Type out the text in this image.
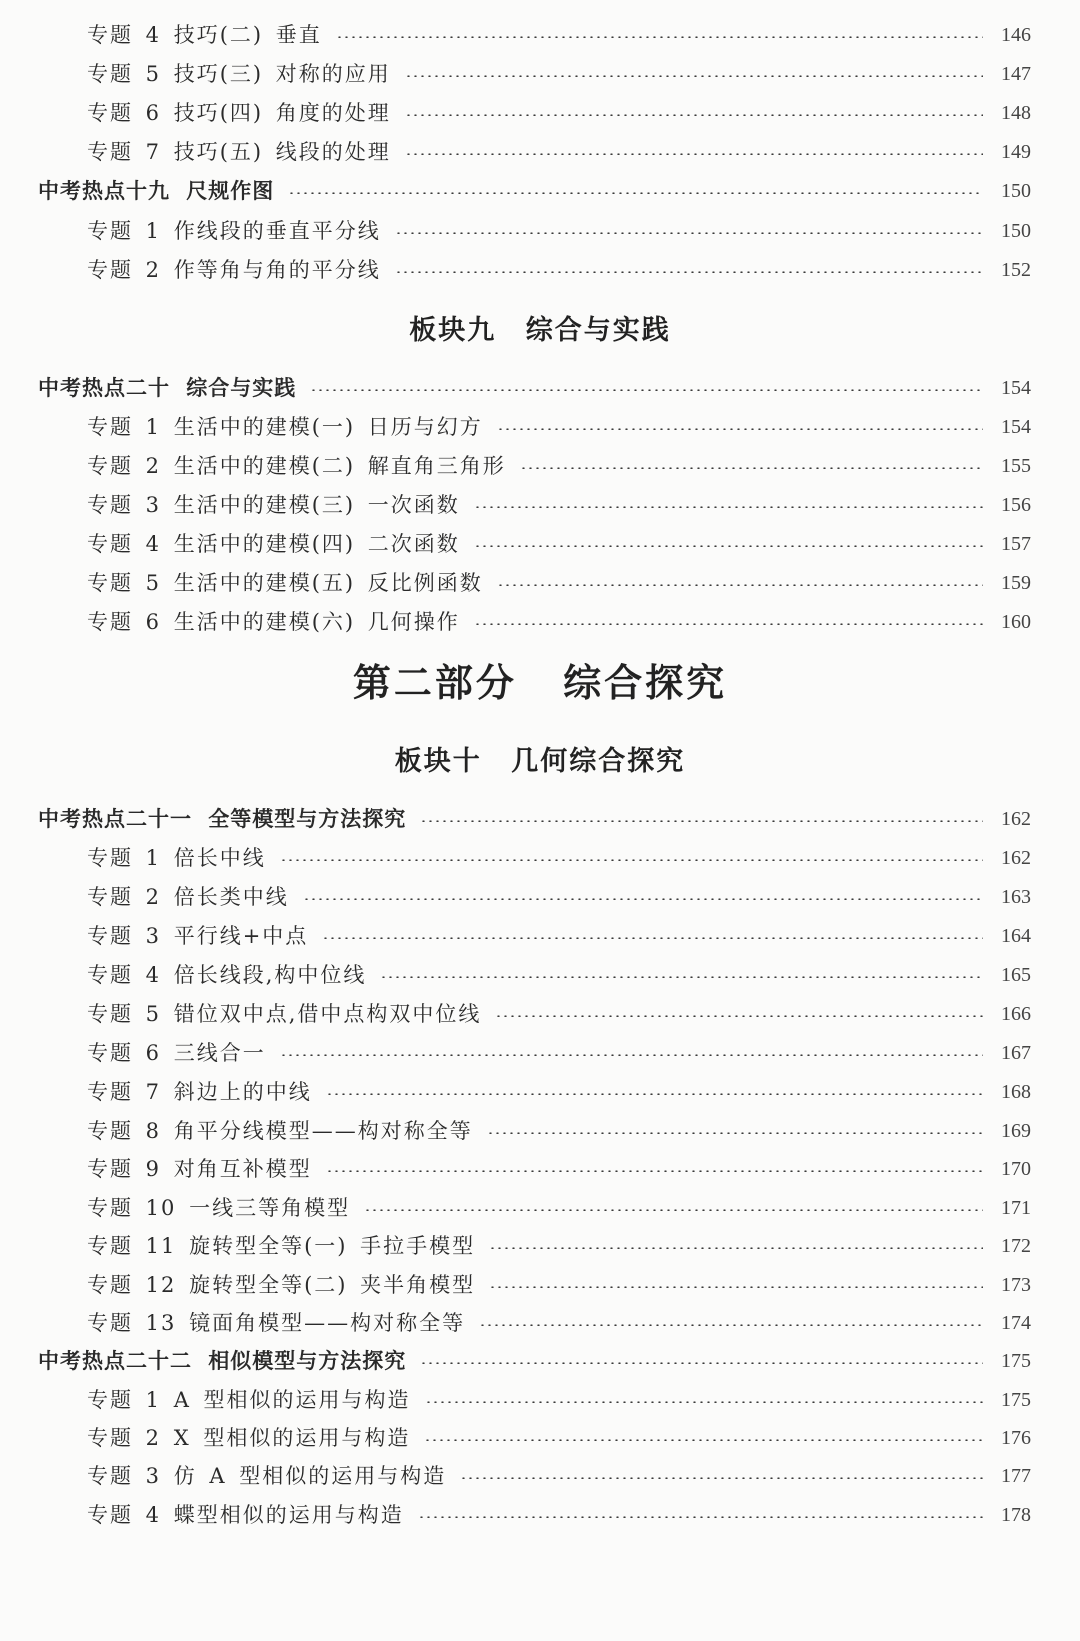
专题 4 技巧(二) 垂直	146
专题 5 技巧(三) 对称的应用	147
专题 6 技巧(四) 角度的处理	148
专题 7 技巧(五) 线段的处理	149
中考热点十九 尺规作图	150
专题 1 作线段的垂直平分线	150
专题 2 作等角与角的平分线	152
板块九 综合与实践
中考热点二十 综合与实践	154
专题 1 生活中的建模(一) 日历与幻方	154
专题 2 生活中的建模(二) 解直角三角形	155
专题 3 生活中的建模(三) 一次函数	156
专题 4 生活中的建模(四) 二次函数	157
专题 5 生活中的建模(五) 反比例函数	159
专题 6 生活中的建模(六) 几何操作	160
第二部分 综合探究
板块十 几何综合探究
中考热点二十一 全等模型与方法探究	162
专题 1 倍长中线	162
专题 2 倍长类中线	163
专题 3 平行线+中点	164
专题 4 倍长线段,构中位线	165
专题 5 错位双中点,借中点构双中位线	166
专题 6 三线合一	167
专题 7 斜边上的中线	168
专题 8 角平分线模型——构对称全等	169
专题 9 对角互补模型	170
专题 10 一线三等角模型	171
专题 11 旋转型全等(一) 手拉手模型	172
专题 12 旋转型全等(二) 夹半角模型	173
专题 13 镜面角模型——构对称全等	174
中考热点二十二 相似模型与方法探究	175
专题 1 A 型相似的运用与构造	175
专题 2 X 型相似的运用与构造	176
专题 3 仿 A 型相似的运用与构造	177
专题 4 蝶型相似的运用与构造	178
